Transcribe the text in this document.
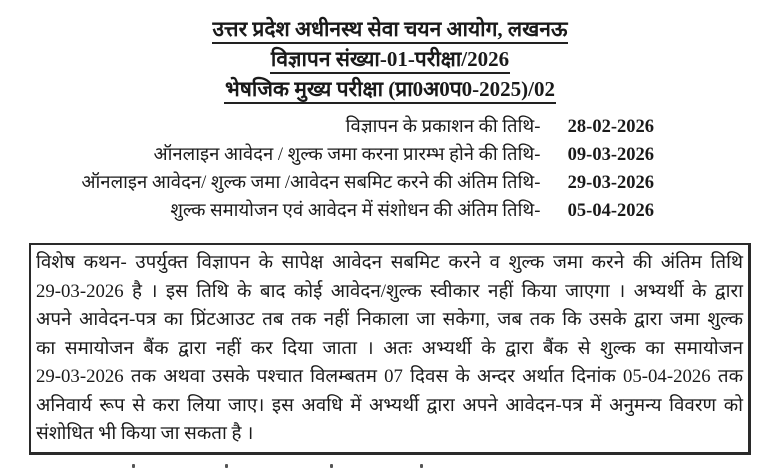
उत्तर प्रदेश अधीनस्थ सेवा चयन आयोग, लखनऊ
विज्ञापन संख्या-01-परीक्षा/2026
भेषजिक मुख्य परीक्षा (प्रा0अ0प0-2025)/02
विज्ञापन के प्रकाशन की तिथि- 28-02-2026
ऑनलाइन आवेदन / शुल्क जमा करना प्रारम्भ होने की तिथि- 09-03-2026
ऑनलाइन आवेदन/ शुल्क जमा /आवेदन सबमिट करने की अंतिम तिथि- 29-03-2026
शुल्क समायोजन एवं आवेदन में संशोधन की अंतिम तिथि- 05-04-2026
विशेष कथन- उपर्युक्त विज्ञापन के सापेक्ष आवेदन सबमिट करने व शुल्क जमा करने की अंतिम तिथि
29-03-2026 है । इस तिथि के बाद कोई आवेदन/शुल्क स्वीकार नहीं किया जाएगा । अभ्यर्थी के द्वारा
अपने आवेदन-पत्र का प्रिंटआउट तब तक नहीं निकाला जा सकेगा, जब तक कि उसके द्वारा जमा शुल्क
का समायोजन बैंक द्वारा नहीं कर दिया जाता । अतः अभ्यर्थी के द्वारा बैंक से शुल्क का समायोजन
29-03-2026 तक अथवा उसके पश्चात विलम्बतम 07 दिवस के अन्दर अर्थात दिनांक 05-04-2026 तक
अनिवार्य रूप से करा लिया जाए। इस अवधि में अभ्यर्थी द्वारा अपने आवेदन-पत्र में अनुमन्य विवरण को
संशोधित भी किया जा सकता है ।
